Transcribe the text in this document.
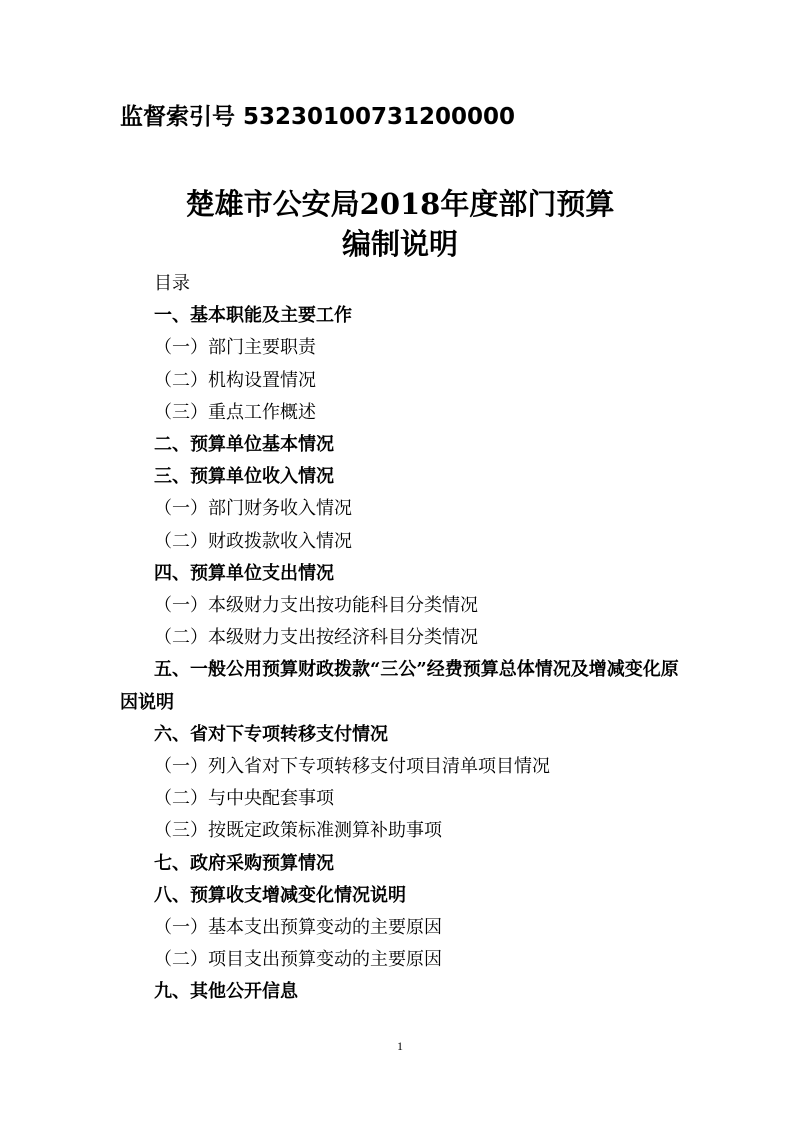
监督索引号 53230100731200000
楚雄市公安局2018年度部门预算
编制说明
目录
一、基本职能及主要工作
（一）部门主要职责
（二）机构设置情况
（三）重点工作概述
二、预算单位基本情况
三、预算单位收入情况
（一）部门财务收入情况
（二）财政拨款收入情况
四、预算单位支出情况
（一）本级财力支出按功能科目分类情况
（二）本级财力支出按经济科目分类情况
五、一般公用预算财政拨款“三公”经费预算总体情况及增减变化原因说明
六、省对下专项转移支付情况
（一）列入省对下专项转移支付项目清单项目情况
（二）与中央配套事项
（三）按既定政策标准测算补助事项
七、政府采购预算情况
八、预算收支增减变化情况说明
（一）基本支出预算变动的主要原因
（二）项目支出预算变动的主要原因
九、其他公开信息
1
